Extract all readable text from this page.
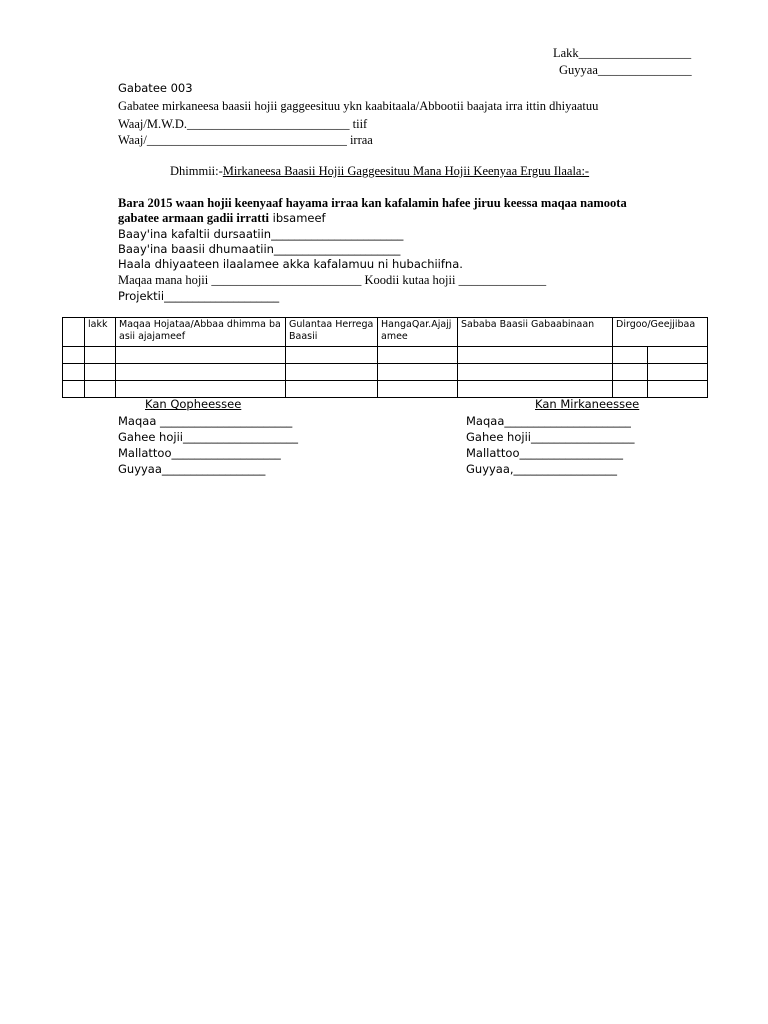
Lakk__________________
Guyyaa_______________
Gabatee 003
Gabatee mirkaneesa baasii hojii gaggeesituu ykn kaabitaala/Abbootii baajata irra ittin dhiyaatuu
Waaj/M.W.D.__________________________ tiif
Waaj/________________________________ irraa
Dhimmii:-Mirkaneesa Baasii Hojii Gaggeesituu Mana Hojii Keenyaa Erguu Ilaala:-
Bara 2015 waan hojii keenyaaf hayama irraa kan kafalamin hafee jiruu keessa maqaa namoota
gabatee armaan gadii irratti ibsameef
Baay'ina kafaltii dursaatiin_______________________
Baay'ina baasii dhumaatiin______________________
Haala dhiyaateen ilaalamee akka kafalamuu ni hubachiifna.
Maqaa mana hojii ________________________ Koodii kutaa hojii ______________
Projektii____________________
	lakk	Maqaa Hojataa/Abbaa dhimma baasii ajajameef	Gulantaa Herrega Baasii	HangaQar.Ajajjamee	Sababa Baasii Gabaabinaan	Dirgoo/Geejjibaa	

Kan Qopheessee
Maqaa _______________________
Gahee hojii____________________
Mallattoo___________________
Guyyaa__________________
Kan Mirkaneessee
Maqaa______________________
Gahee hojii__________________
Mallattoo__________________
Guyyaa,__________________
